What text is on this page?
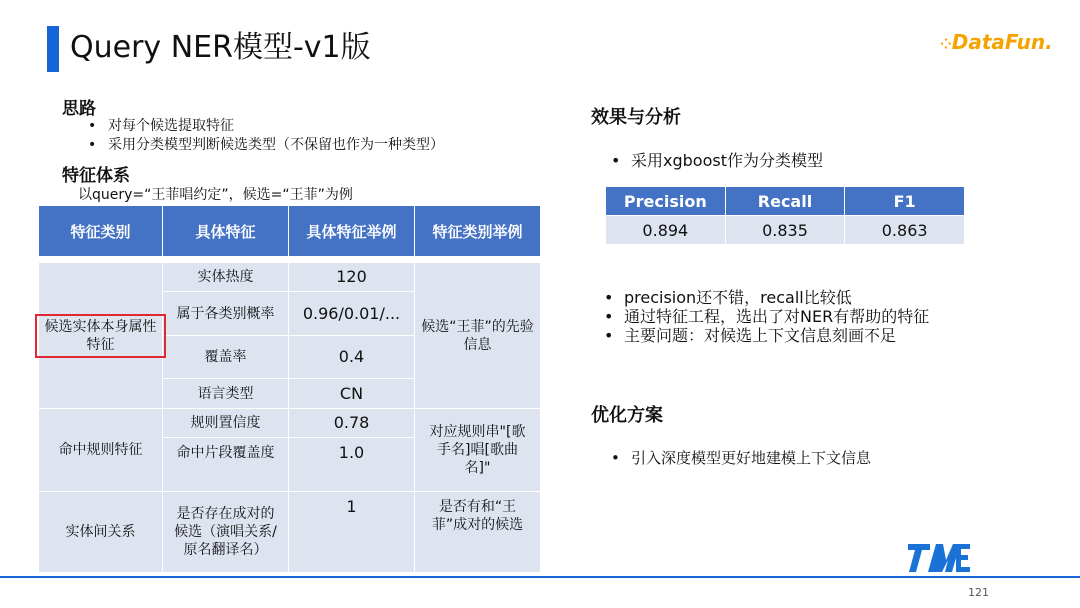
Query NER模型-v1版	⁘ DataFun.
思路
• 对每个候选提取特征
• 采用分类模型判断候选类型（不保留也作为一种类型）
特征体系
以query=“王菲唱约定”，候选=“王菲”为例
特征类别	具体特征	具体特征举例	特征类别举例

候选实体本身属性特征	实体热度	120	候选“王菲”的先验信息
	属于各类别概率	0.96/0.01/...	
	覆盖率	0.4	
	语言类型	CN	
命中规则特征	规则置信度	0.78	对应规则串"[歌手名]唱[歌曲名]"
	命中片段覆盖度	1.0	
实体间关系	是否存在成对的候选（演唱关系/原名翻译名）	1	是否有和“王菲”成对的候选
效果与分析
• 采用xgboost作为分类模型
Precision	Recall	F1
0.894	0.835	0.863
• precision还不错，recall比较低
• 通过特征工程，选出了对NER有帮助的特征
• 主要问题：对候选上下文信息刻画不足
优化方案
• 引入深度模型更好地建模上下文信息
121
